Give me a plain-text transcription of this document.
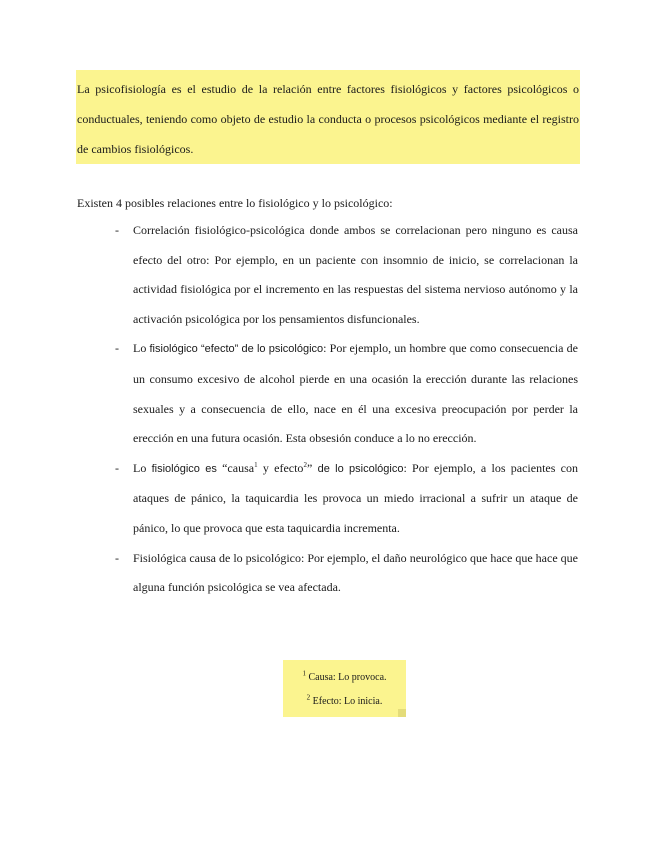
La psicofisiología es el estudio de la relación entre factores fisiológicos y factores psicológicos o conductuales, teniendo como objeto de estudio la conducta o procesos psicológicos mediante el registro de cambios fisiológicos.
Existen 4 posibles relaciones entre lo fisiológico y lo psicológico:
- Correlación fisiológico-psicológica donde ambos se correlacionan pero ninguno es causa efecto del otro: Por ejemplo, en un paciente con insomnio de inicio, se correlacionan la actividad fisiológica por el incremento en las respuestas del sistema nervioso autónomo y la activación psicológica por los pensamientos disfuncionales.
- Lo fisiológico “efecto” de lo psicológico: Por ejemplo, un hombre que como consecuencia de un consumo excesivo de alcohol pierde en una ocasión la erección durante las relaciones sexuales y a consecuencia de ello, nace en él una excesiva preocupación por perder la erección en una futura ocasión. Esta obsesión conduce a lo no erección.
- Lo fisiológico es “causa$^1$ y efecto$^2$” de lo psicológico: Por ejemplo, a los pacientes con ataques de pánico, la taquicardia les provoca un miedo irracional a sufrir un ataque de pánico, lo que provoca que esta taquicardia incrementa.
- Fisiológica causa de lo psicológico: Por ejemplo, el daño neurológico que hace que hace que alguna función psicológica se vea afectada.
$^1$ Causa: Lo provoca.
$^2$ Efecto: Lo inicia.
